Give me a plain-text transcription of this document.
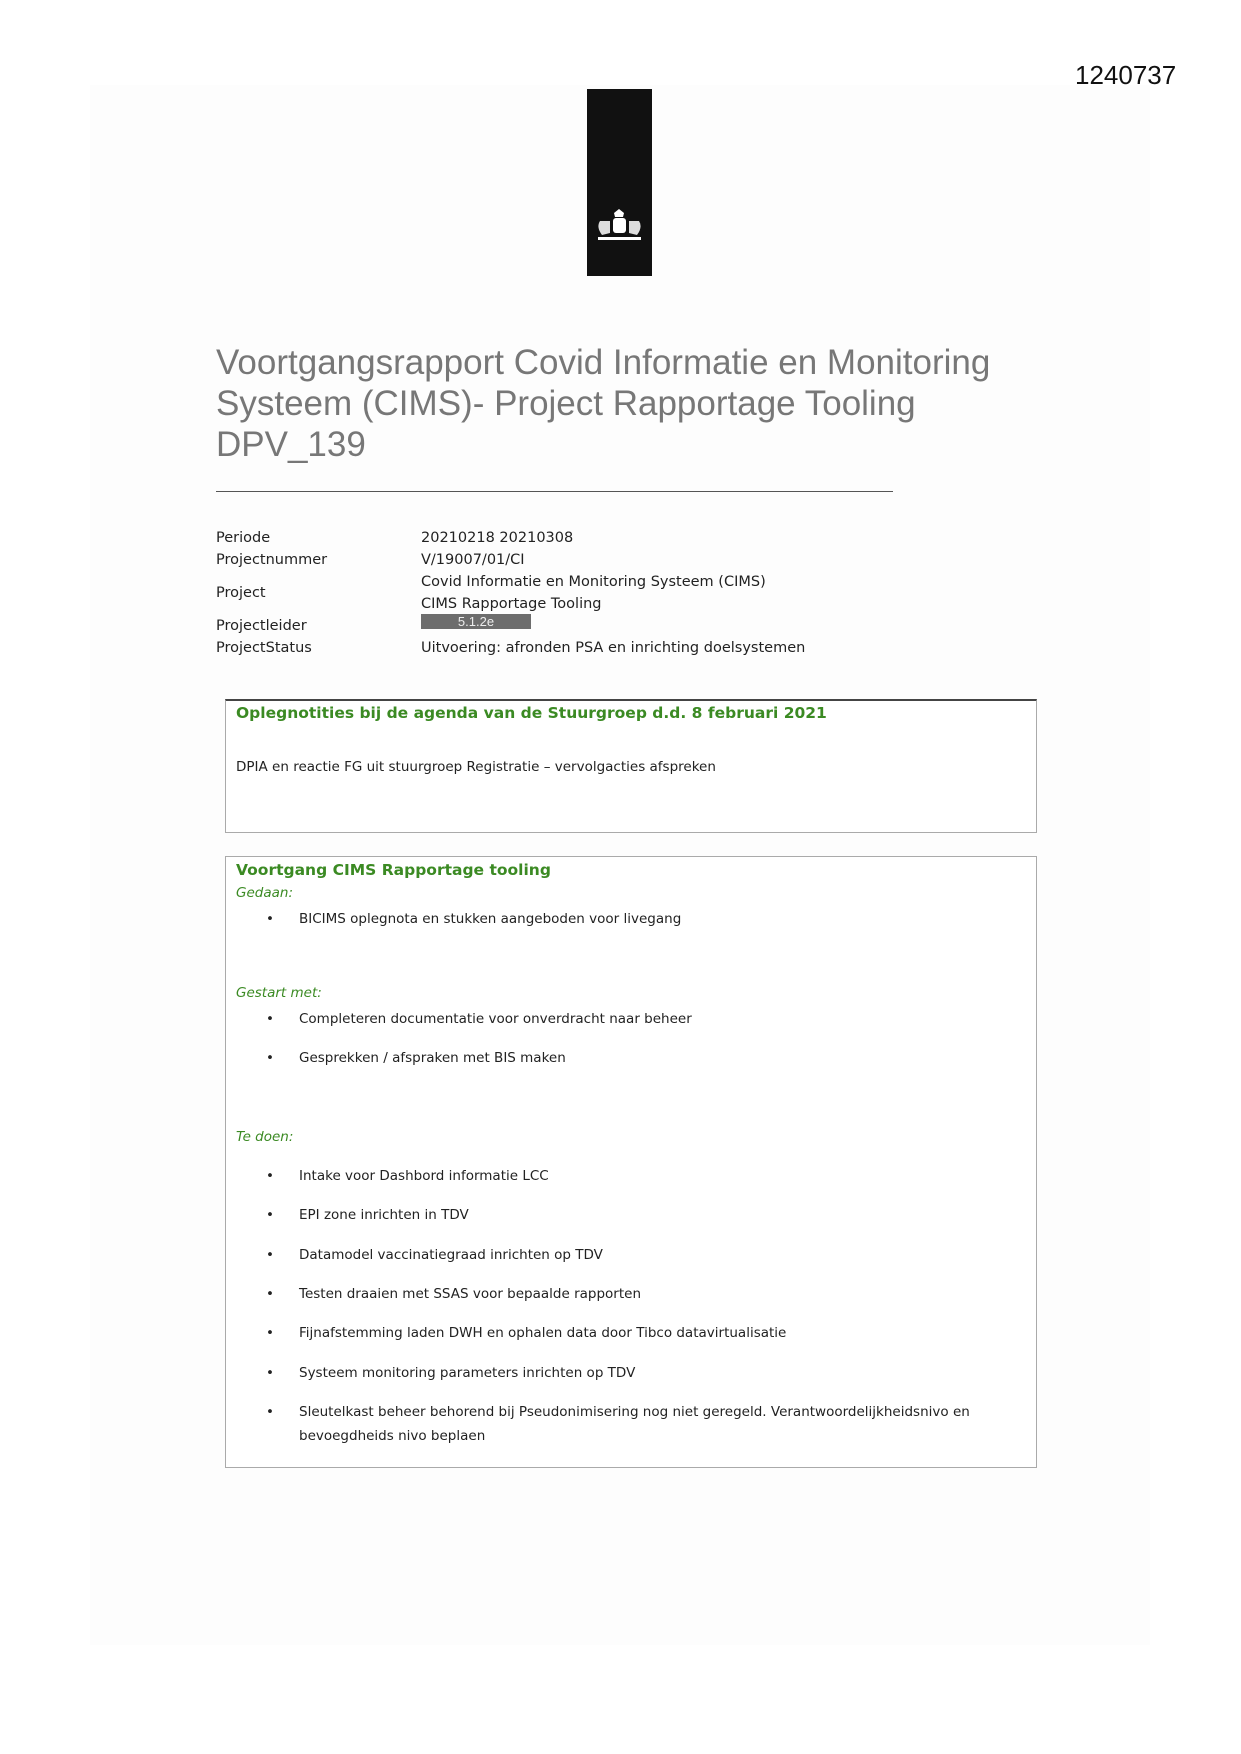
1240737
Voortgangsrapport Covid Informatie en Monitoring Systeem (CIMS)- Project Rapportage Tooling DPV_139
Periode	20210218 20210308
Projectnummer	V/19007/01/CI
Project
Covid Informatie en Monitoring Systeem (CIMS)
CIMS Rapportage Tooling
Projectleider	5.1.2e
ProjectStatus	Uitvoering: afronden PSA en inrichting doelsystemen
Oplegnotities bij de agenda van de Stuurgroep d.d. 8 februari 2021
DPIA en reactie FG uit stuurgroep Registratie – vervolgacties afspreken
Voortgang CIMS Rapportage tooling
Gedaan:
• BICIMS oplegnota en stukken aangeboden voor livegang
Gestart met:
• Completeren documentatie voor onverdracht naar beheer
• Gesprekken / afspraken met BIS maken
Te doen:
• Intake voor Dashbord informatie LCC
• EPI zone inrichten in TDV
• Datamodel vaccinatiegraad inrichten op TDV
• Testen draaien met SSAS voor bepaalde rapporten
• Fijnafstemming laden DWH en ophalen data door Tibco datavirtualisatie
• Systeem monitoring parameters inrichten op TDV
• Sleutelkast beheer behorend bij Pseudonimisering nog niet geregeld. Verantwoordelijkheidsnivo en bevoegdheids nivo beplaen
